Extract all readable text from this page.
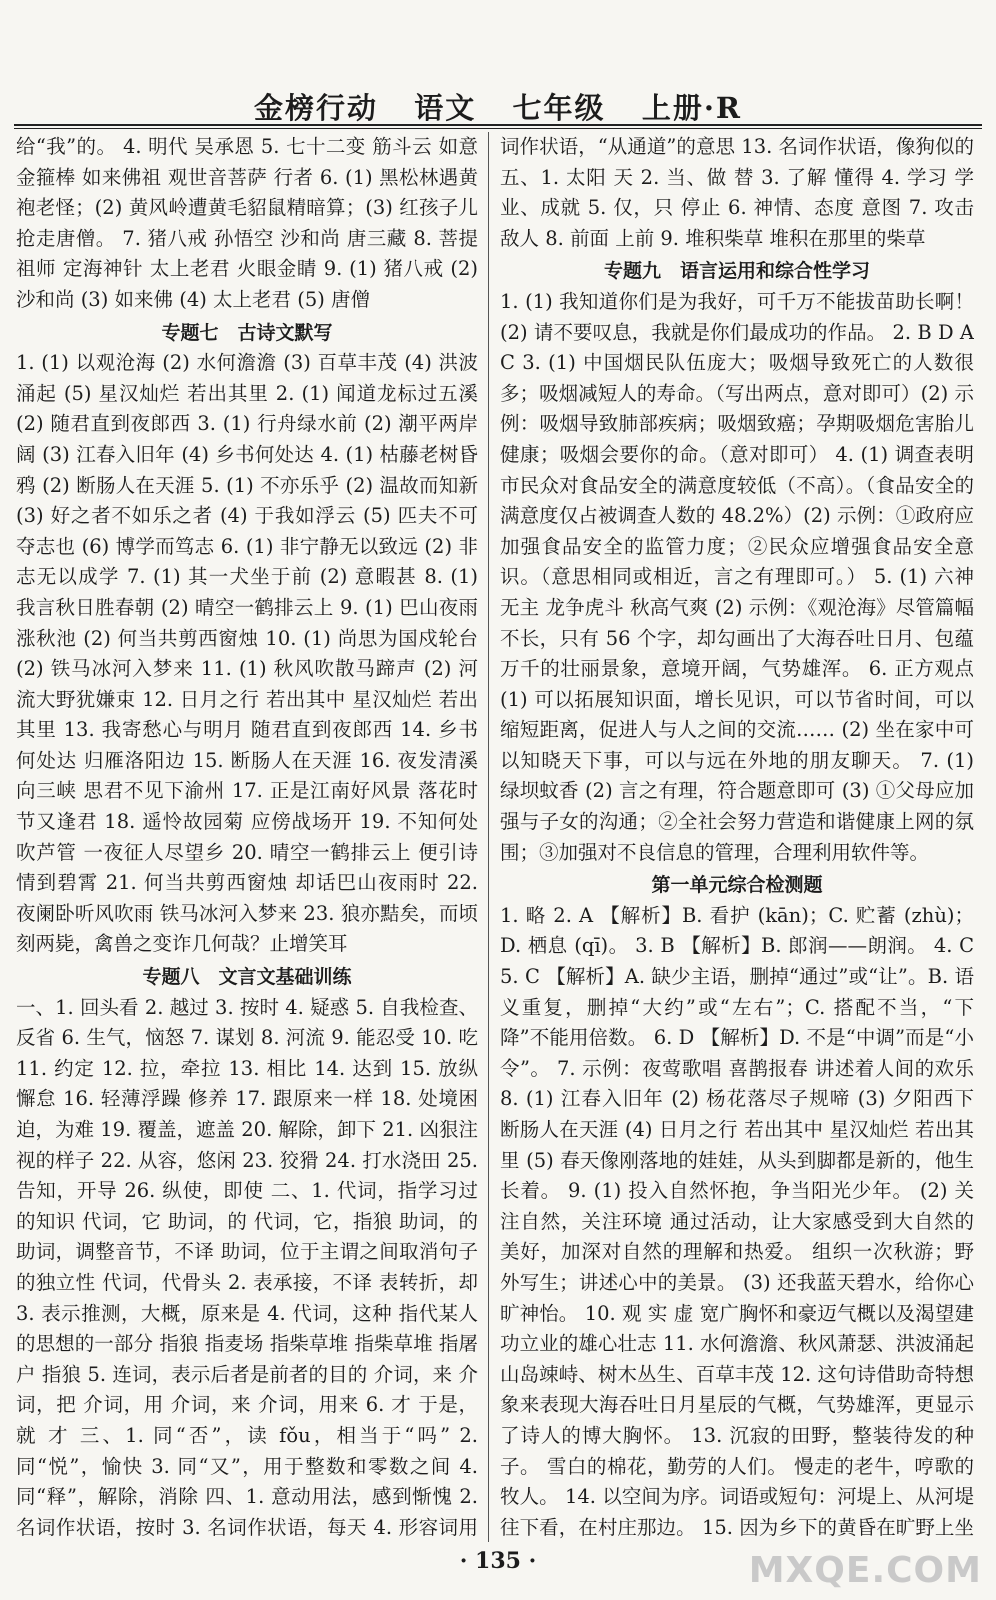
金榜行动   语文   七年级   上册·R
给“我”的。 4. 明代 吴承恩 5. 七十二变 筋斗云 如意金箍棒 如来佛祖 观世音菩萨 行者 6. (1) 黑松林遇黄袍老怪；(2) 黄风岭遭黄毛貂鼠精暗算；(3) 红孩子儿抢走唐僧。 7. 猪八戒 孙悟空 沙和尚 唐三藏 8. 菩提祖师 定海神针 太上老君 火眼金睛 9. (1) 猪八戒 (2) 沙和尚 (3) 如来佛 (4) 太上老君 (5) 唐僧
专题七　古诗文默写
1. (1) 以观沧海 (2) 水何澹澹 (3) 百草丰茂 (4) 洪波涌起 (5) 星汉灿烂 若出其里 2. (1) 闻道龙标过五溪 (2) 随君直到夜郎西 3. (1) 行舟绿水前 (2) 潮平两岸阔 (3) 江春入旧年 (4) 乡书何处达 4. (1) 枯藤老树昏鸦 (2) 断肠人在天涯 5. (1) 不亦乐乎 (2) 温故而知新 (3) 好之者不如乐之者 (4) 于我如浮云 (5) 匹夫不可夺志也 (6) 博学而笃志 6. (1) 非宁静无以致远 (2) 非志无以成学 7. (1) 其一犬坐于前 (2) 意暇甚 8. (1) 我言秋日胜春朝 (2) 晴空一鹤排云上 9. (1) 巴山夜雨涨秋池 (2) 何当共剪西窗烛 10. (1) 尚思为国戍轮台 (2) 铁马冰河入梦来 11. (1) 秋风吹散马蹄声 (2) 河流大野犹嫌束 12. 日月之行 若出其中 星汉灿烂 若出其里 13. 我寄愁心与明月 随君直到夜郎西 14. 乡书何处达 归雁洛阳边 15. 断肠人在天涯 16. 夜发清溪向三峡 思君不见下渝州 17. 正是江南好风景 落花时节又逢君 18. 遥怜故园菊 应傍战场开 19. 不知何处吹芦管 一夜征人尽望乡 20. 晴空一鹤排云上 便引诗情到碧霄 21. 何当共剪西窗烛 却话巴山夜雨时 22. 夜阑卧听风吹雨 铁马冰河入梦来 23. 狼亦黠矣，而顷刻两毙，禽兽之变诈几何哉？止增笑耳
专题八　文言文基础训练
一、1. 回头看 2. 越过 3. 按时 4. 疑惑 5. 自我检查、反省 6. 生气，恼怒 7. 谋划 8. 河流 9. 能忍受 10. 吃 11. 约定 12. 拉，牵拉 13. 相比 14. 达到 15. 放纵懈怠 16. 轻薄浮躁 修养 17. 跟原来一样 18. 处境困迫，为难 19. 覆盖，遮盖 20. 解除，卸下 21. 凶狠注视的样子 22. 从容，悠闲 23. 狡猾 24. 打水浇田 25. 告知，开导 26. 纵使，即使 二、1. 代词，指学习过的知识 代词，它 助词，的 代词，它，指狼 助词，的 助词，调整音节，不译 助词，位于主谓之间取消句子的独立性 代词，代骨头 2. 表承接，不译 表转折，却 3. 表示推测，大概，原来是 4. 代词，这种 指代某人的思想的一部分 指狼 指麦场 指柴草堆 指柴草堆 指屠户 指狼 5. 连词，表示后者是前者的目的 介词，来 介词，把 介词，用 介词，来 介词，用来 6. 才 于是，就 才 三、1. 同“否”，读 fǒu，相当于“吗” 2. 同“悦”，愉快 3. 同“又”，用于整数和零数之间 4. 同“释”，解除，消除 四、1. 意动用法，感到惭愧 2. 名词作状语，按时 3. 名词作状语，每天 4. 形容词用
词作状语，“从通道”的意思 13. 名词作状语，像狗似的 五、1. 太阳 天 2. 当、做 替 3. 了解 懂得 4. 学习 学业、成就 5. 仅，只 停止 6. 神情、态度 意图 7. 攻击 敌人 8. 前面 上前 9. 堆积柴草 堆积在那里的柴草
专题九　语言运用和综合性学习
1. (1) 我知道你们是为我好，可千万不能拔苗助长啊！(2) 请不要叹息，我就是你们最成功的作品。 2. B D A C 3. (1) 中国烟民队伍庞大；吸烟导致死亡的人数很多；吸烟减短人的寿命。（写出两点，意对即可）(2) 示例：吸烟导致肺部疾病；吸烟致癌；孕期吸烟危害胎儿健康；吸烟会要你的命。（意对即可） 4. (1) 调查表明市民众对食品安全的满意度较低（不高）。（食品安全的满意度仅占被调查人数的 48.2%）(2) 示例：①政府应加强食品安全的监管力度；②民众应增强食品安全意识。（意思相同或相近，言之有理即可。） 5. (1) 六神无主 龙争虎斗 秋高气爽 (2) 示例：《观沧海》尽管篇幅不长，只有 56 个字，却勾画出了大海吞吐日月、包蕴万千的壮丽景象，意境开阔，气势雄浑。 6. 正方观点 (1) 可以拓展知识面，增长见识，可以节省时间，可以缩短距离，促进人与人之间的交流…… (2) 坐在家中可以知晓天下事，可以与远在外地的朋友聊天。 7. (1) 绿坝蚊香 (2) 言之有理，符合题意即可 (3) ①父母应加强与子女的沟通；②全社会努力营造和谐健康上网的氛围；③加强对不良信息的管理，合理利用软件等。
第一单元综合检测题
1. 略 2. A 【解析】B. 看护 (kān)；C. 贮蓄 (zhù)；D. 栖息 (qī)。 3. B 【解析】B. 郎润——朗润。 4. C 5. C 【解析】A. 缺少主语，删掉“通过”或“让”。B. 语义重复，删掉“大约”或“左右”；C. 搭配不当，“下降”不能用倍数。 6. D 【解析】D. 不是“中调”而是“小令”。 7. 示例：夜莺歌唱 喜鹊报春 讲述着人间的欢乐 8. (1) 江春入旧年 (2) 杨花落尽子规啼 (3) 夕阳西下 断肠人在天涯 (4) 日月之行 若出其中 星汉灿烂 若出其里 (5) 春天像刚落地的娃娃，从头到脚都是新的，他生长着。 9. (1) 投入自然怀抱，争当阳光少年。 (2) 关注自然，关注环境 通过活动，让大家感受到大自然的美好，加深对自然的理解和热爱。 组织一次秋游；野外写生；讲述心中的美景。 (3) 还我蓝天碧水，给你心旷神怡。 10. 观 实 虚 宽广胸怀和豪迈气概以及渴望建功立业的雄心壮志 11. 水何澹澹、秋风萧瑟、洪波涌起 山岛竦峙、树木丛生、百草丰茂 12. 这句诗借助奇特想象来表现大海吞吐日月星辰的气概，气势雄浑，更显示了诗人的博大胸怀。 13. 沉寂的田野，整装待发的种子。 雪白的棉花，勤劳的人们。 慢走的老牛，哼歌的牧人。 14. 以空间为序。词语或短句：河堤上、从河堤往下看，在村庄那边。 15. 因为乡下的黄昏在旷野上坐
· 135 ·	MXQE.COM
